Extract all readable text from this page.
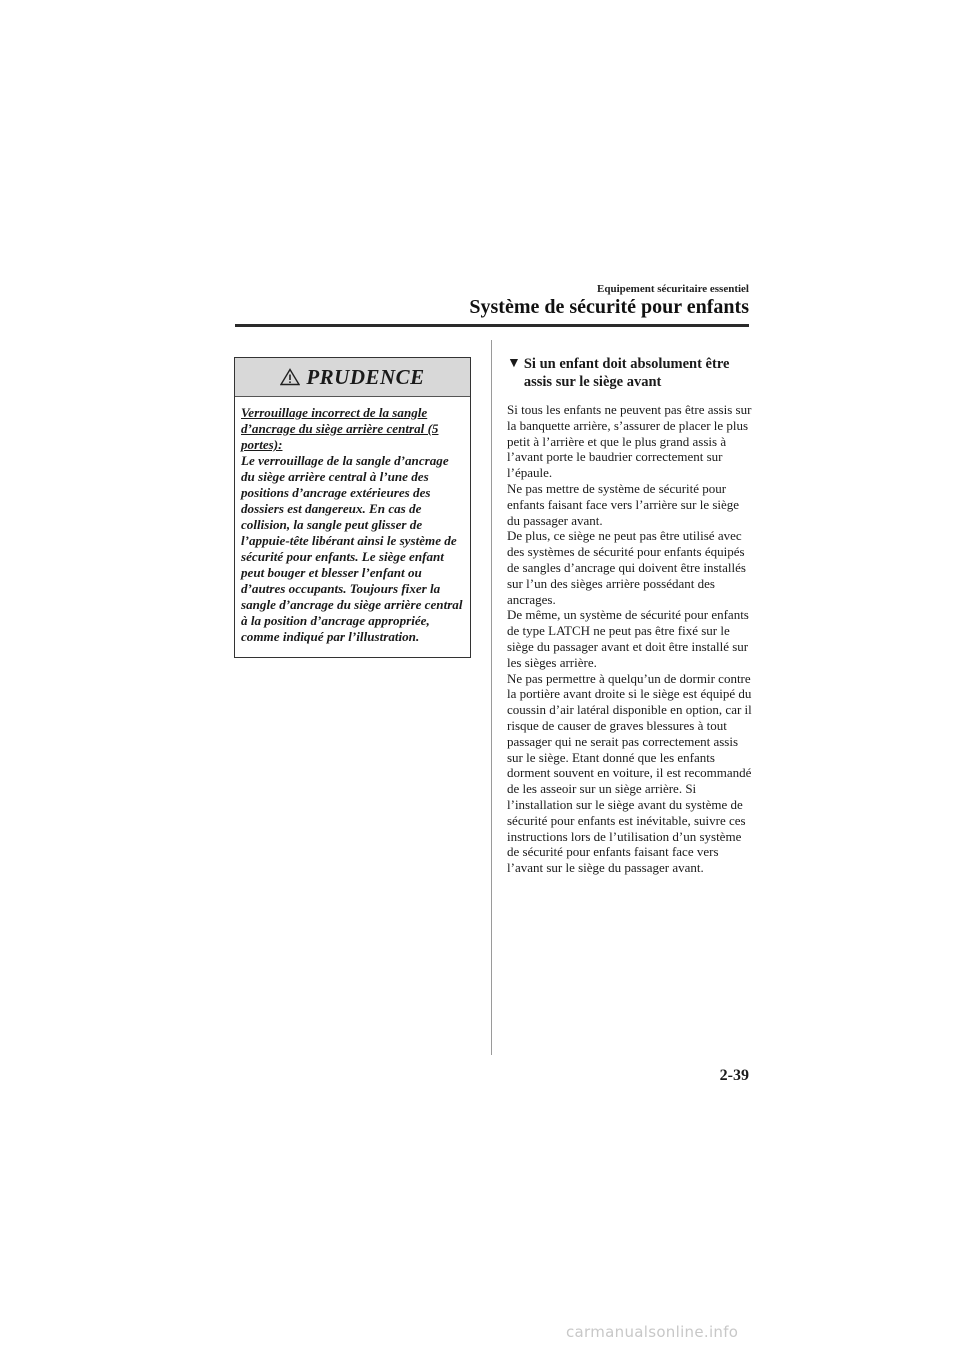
Equipement sécuritaire essentiel
Système de sécurité pour enfants
PRUDENCE
Verrouillage incorrect de la sangle d’ancrage du siège arrière central (5 portes):
Le verrouillage de la sangle d’ancrage du siège arrière central à l’une des positions d’ancrage extérieures des dossiers est dangereux. En cas de collision, la sangle peut glisser de l’appuie-tête libérant ainsi le système de sécurité pour enfants. Le siège enfant peut bouger et blesser l’enfant ou d’autres occupants. Toujours fixer la sangle d’ancrage du siège arrière central à la position d’ancrage appropriée, comme indiqué par l’illustration.
▼ Si un enfant doit absolument être assis sur le siège avant
Si tous les enfants ne peuvent pas être assis sur la banquette arrière, s’assurer de placer le plus petit à l’arrière et que le plus grand assis à l’avant porte le baudrier correctement sur l’épaule.
Ne pas mettre de système de sécurité pour enfants faisant face vers l’arrière sur le siège du passager avant.
De plus, ce siège ne peut pas être utilisé avec des systèmes de sécurité pour enfants équipés de sangles d’ancrage qui doivent être installés sur l’un des sièges arrière possédant des ancrages.
De même, un système de sécurité pour enfants de type LATCH ne peut pas être fixé sur le siège du passager avant et doit être installé sur les sièges arrière.
Ne pas permettre à quelqu’un de dormir contre la portière avant droite si le siège est équipé du coussin d’air latéral disponible en option, car il risque de causer de graves blessures à tout passager qui ne serait pas correctement assis sur le siège. Etant donné que les enfants dorment souvent en voiture, il est recommandé de les asseoir sur un siège arrière. Si l’installation sur le siège avant du système de sécurité pour enfants est inévitable, suivre ces instructions lors de l’utilisation d’un système de sécurité pour enfants faisant face vers l’avant sur le siège du passager avant.
2-39
carmanualsonline.info
